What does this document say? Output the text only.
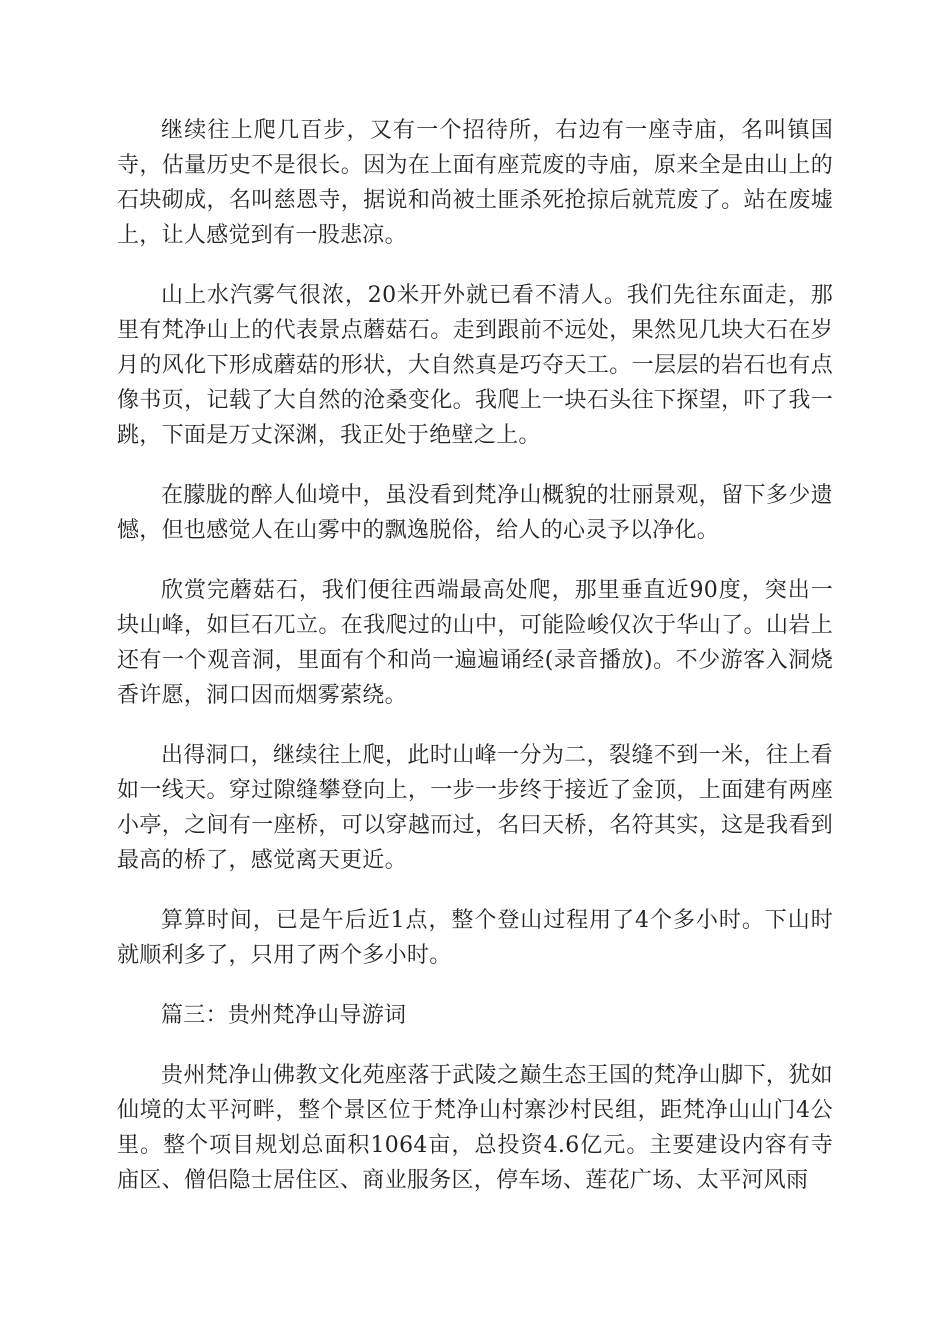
继续往上爬几百步，又有一个招待所，右边有一座寺庙，名叫镇国寺，估量历史不是很长。因为在上面有座荒废的寺庙，原来全是由山上的石块砌成，名叫慈恩寺，据说和尚被土匪杀死抢掠后就荒废了。站在废墟上，让人感觉到有一股悲凉。

山上水汽雾气很浓，20米开外就已看不清人。我们先往东面走，那里有梵净山上的代表景点蘑菇石。走到跟前不远处，果然见几块大石在岁月的风化下形成蘑菇的形状，大自然真是巧夺天工。一层层的岩石也有点像书页，记载了大自然的沧桑变化。我爬上一块石头往下探望，吓了我一跳，下面是万丈深渊，我正处于绝壁之上。

在朦胧的醉人仙境中，虽没看到梵净山概貌的壮丽景观，留下多少遗憾，但也感觉人在山雾中的飘逸脱俗，给人的心灵予以净化。

欣赏完蘑菇石，我们便往西端最高处爬，那里垂直近90度，突出一块山峰，如巨石兀立。在我爬过的山中，可能险峻仅次于华山了。山岩上还有一个观音洞，里面有个和尚一遍遍诵经(录音播放)。不少游客入洞烧香许愿，洞口因而烟雾萦绕。

出得洞口，继续往上爬，此时山峰一分为二，裂缝不到一米，往上看如一线天。穿过隙缝攀登向上，一步一步终于接近了金顶，上面建有两座小亭，之间有一座桥，可以穿越而过，名曰天桥，名符其实，这是我看到最高的桥了，感觉离天更近。

算算时间，已是午后近1点，整个登山过程用了4个多小时。下山时就顺利多了，只用了两个多小时。

篇三：贵州梵净山导游词

贵州梵净山佛教文化苑座落于武陵之巅生态王国的梵净山脚下，犹如仙境的太平河畔，整个景区位于梵净山村寨沙村民组，距梵净山山门4公里。整个项目规划总面积1064亩，总投资4.6亿元。主要建设内容有寺庙区、僧侣隐士居住区、商业服务区，停车场、莲花广场、太平河风雨
